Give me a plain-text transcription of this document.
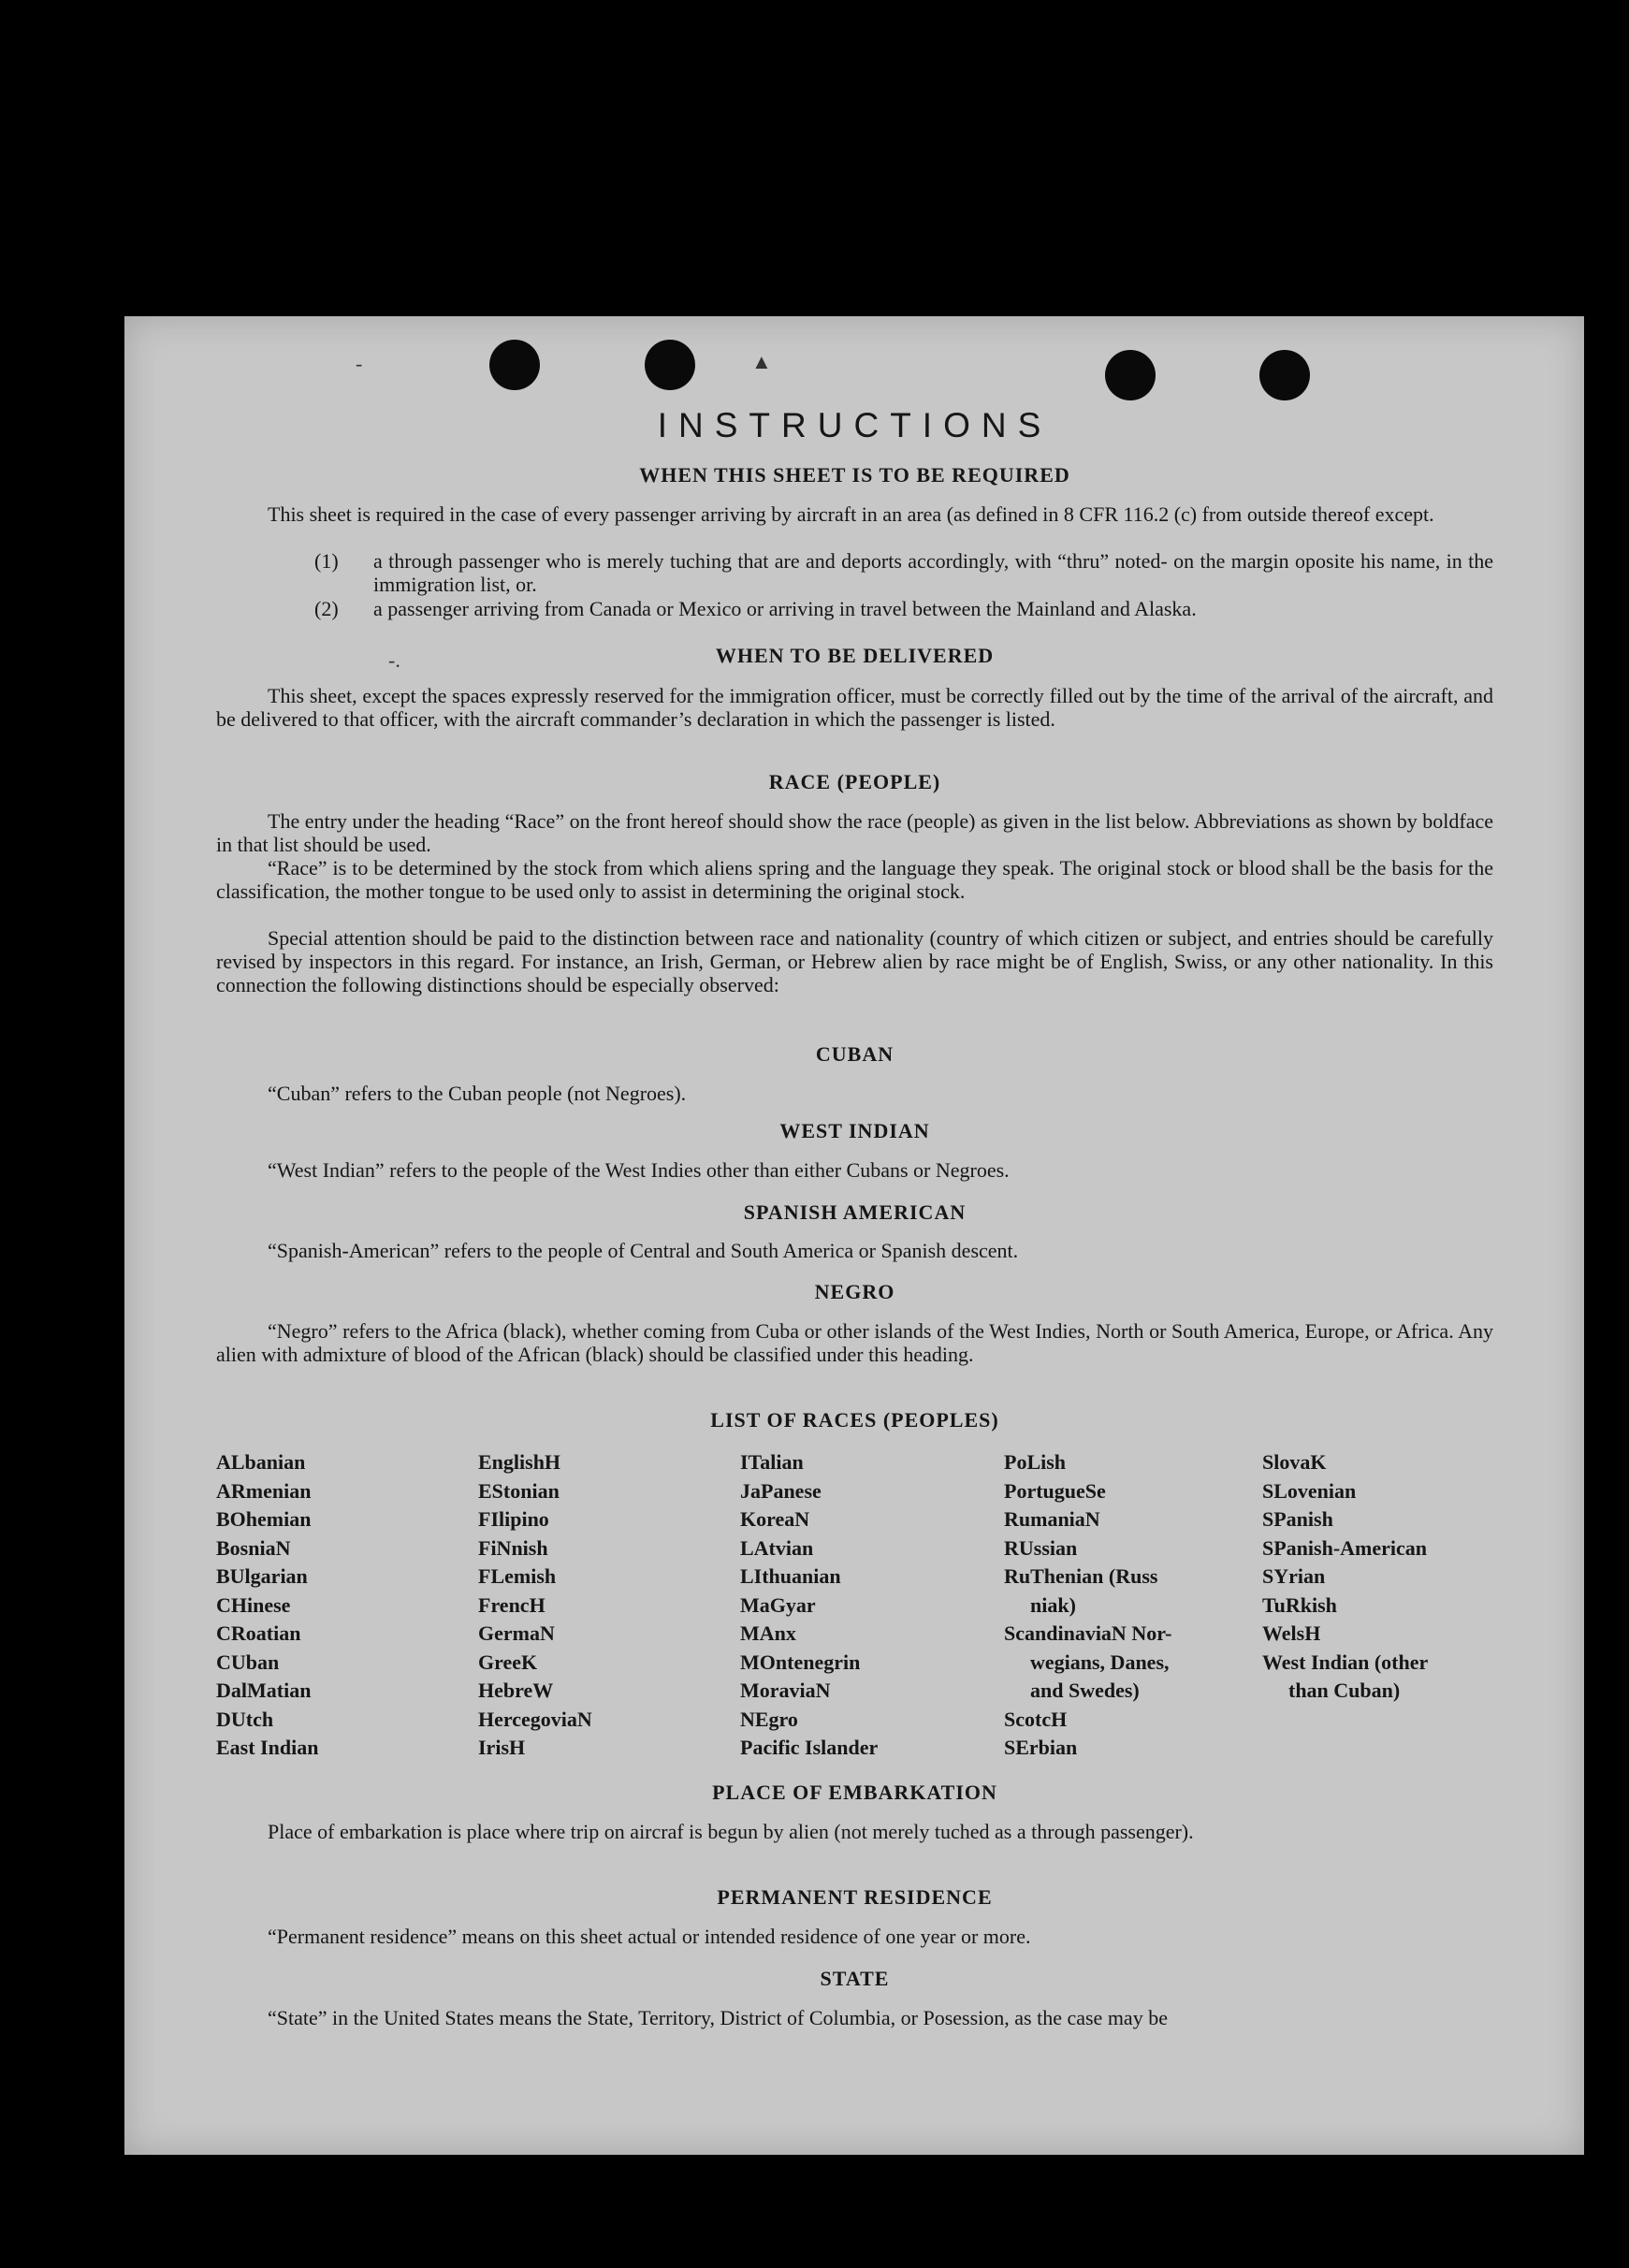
-	▲
-.
INSTRUCTIONS
WHEN THIS SHEET IS TO BE REQUIRED
This sheet is required in the case of every passenger arriving by aircraft in an area (as defined in 8 CFR 116.2 (c) from outside thereof except.
(1) a through passenger who is merely tuching that are and deports accordingly, with “thru” noted- on the margin oposite his name, in the immigration list, or.
(2) a passenger arriving from Canada or Mexico or arriving in travel between the Mainland and Alaska.
WHEN TO BE DELIVERED
This sheet, except the spaces expressly reserved for the immigration officer, must be correctly filled out by the time of the arrival of the aircraft, and be delivered to that officer, with the aircraft commander’s declaration in which the passenger is listed.
RACE (PEOPLE)
The entry under the heading “Race” on the front hereof should show the race (people) as given in the list below. Abbreviations as shown by boldface in that list should be used.
“Race” is to be determined by the stock from which aliens spring and the language they speak. The original stock or blood shall be the basis for the classification, the mother tongue to be used only to assist in determining the original stock.
Special attention should be paid to the distinction between race and nationality (country of which citizen or subject, and entries should be carefully revised by inspectors in this regard. For instance, an Irish, German, or Hebrew alien by race might be of English, Swiss, or any other nationality. In this connection the following distinctions should be especially observed:
CUBAN
“Cuban” refers to the Cuban people (not Negroes).
WEST INDIAN
“West Indian” refers to the people of the West Indies other than either Cubans or Negroes.
SPANISH AMERICAN
“Spanish-American” refers to the people of Central and South America or Spanish descent.
NEGRO
“Negro” refers to the Africa (black), whether coming from Cuba or other islands of the West Indies, North or South America, Europe, or Africa. Any alien with admixture of blood of the African (black) should be classified under this heading.
LIST OF RACES (PEOPLES)
ALbanian
ARmenian
BOhemian
BosniaN
BUlgarian
CHinese
CRoatian
CUban
DalMatian
DUtch
East Indian
EnglishH
EStonian
FIlipino
FiNnish
FLemish
FrencH
GermaN
GreeK
HebreW
HercegoviaN
IrisH
ITalian
JaPanese
KoreaN
LAtvian
LIthuanian
MaGyar
MAnx
MOntenegrin
MoraviaN
NEgro
Pacific Islander
PoLish
PortugueSe
RumaniaN
RUssian
RuThenian (Russ
niak)
ScandinaviaN Nor-
wegians, Danes,
and Swedes)
ScotcH
SErbian
SlovaK
SLovenian
SPanish
SPanish-American
SYrian
TuRkish
WelsH
West Indian (other
than Cuban)
PLACE OF EMBARKATION
Place of embarkation is place where trip on aircraf is begun by alien (not merely tuched as a through passenger).
PERMANENT RESIDENCE
“Permanent residence” means on this sheet actual or intended residence of one year or more.
STATE
“State” in the United States means the State, Territory, District of Columbia, or Posession, as the case may be
